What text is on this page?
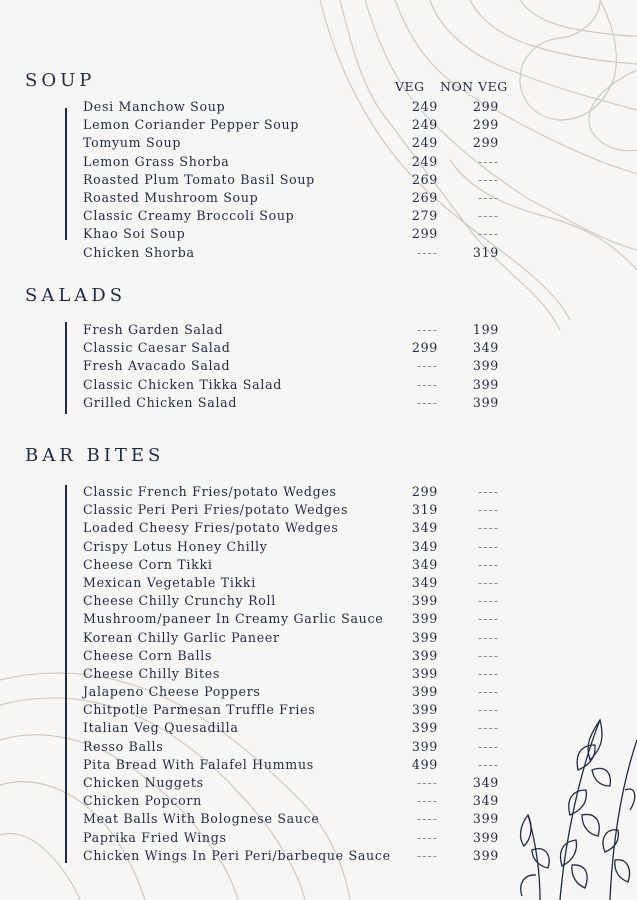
VEG NON VEG
SOUP
Desi Manchow Soup	249	299
Lemon Coriander Pepper Soup	249	299
Tomyum Soup	249	299
Lemon Grass Shorba	249	----
Roasted Plum Tomato Basil Soup	269	----
Roasted Mushroom Soup	269	----
Classic Creamy Broccoli Soup	279	----
Khao Soi Soup	299	----
Chicken Shorba	----	319
SALADS
Fresh Garden Salad	----	199
Classic Caesar Salad	299	349
Fresh Avacado Salad	----	399
Classic Chicken Tikka Salad	----	399
Grilled Chicken Salad	----	399
BAR BITES
Classic French Fries/potato Wedges	299	----
Classic Peri Peri Fries/potato Wedges	319	----
Loaded Cheesy Fries/potato Wedges	349	----
Crispy Lotus Honey Chilly	349	----
Cheese Corn Tikki	349	----
Mexican Vegetable Tikki	349	----
Cheese Chilly Crunchy Roll	399	----
Mushroom/paneer In Creamy Garlic Sauce	399	----
Korean Chilly Garlic Paneer	399	----
Cheese Corn Balls	399	----
Cheese Chilly Bites	399	----
Jalapeno Cheese Poppers	399	----
Chitpotle Parmesan Truffle Fries	399	----
Italian Veg Quesadilla	399	----
Resso Balls	399	----
Pita Bread With Falafel Hummus	499	----
Chicken Nuggets	----	349
Chicken Popcorn	----	349
Meat Balls With Bolognese Sauce	----	399
Paprika Fried Wings	----	399
Chicken Wings In Peri Peri/barbeque Sauce	----	399
